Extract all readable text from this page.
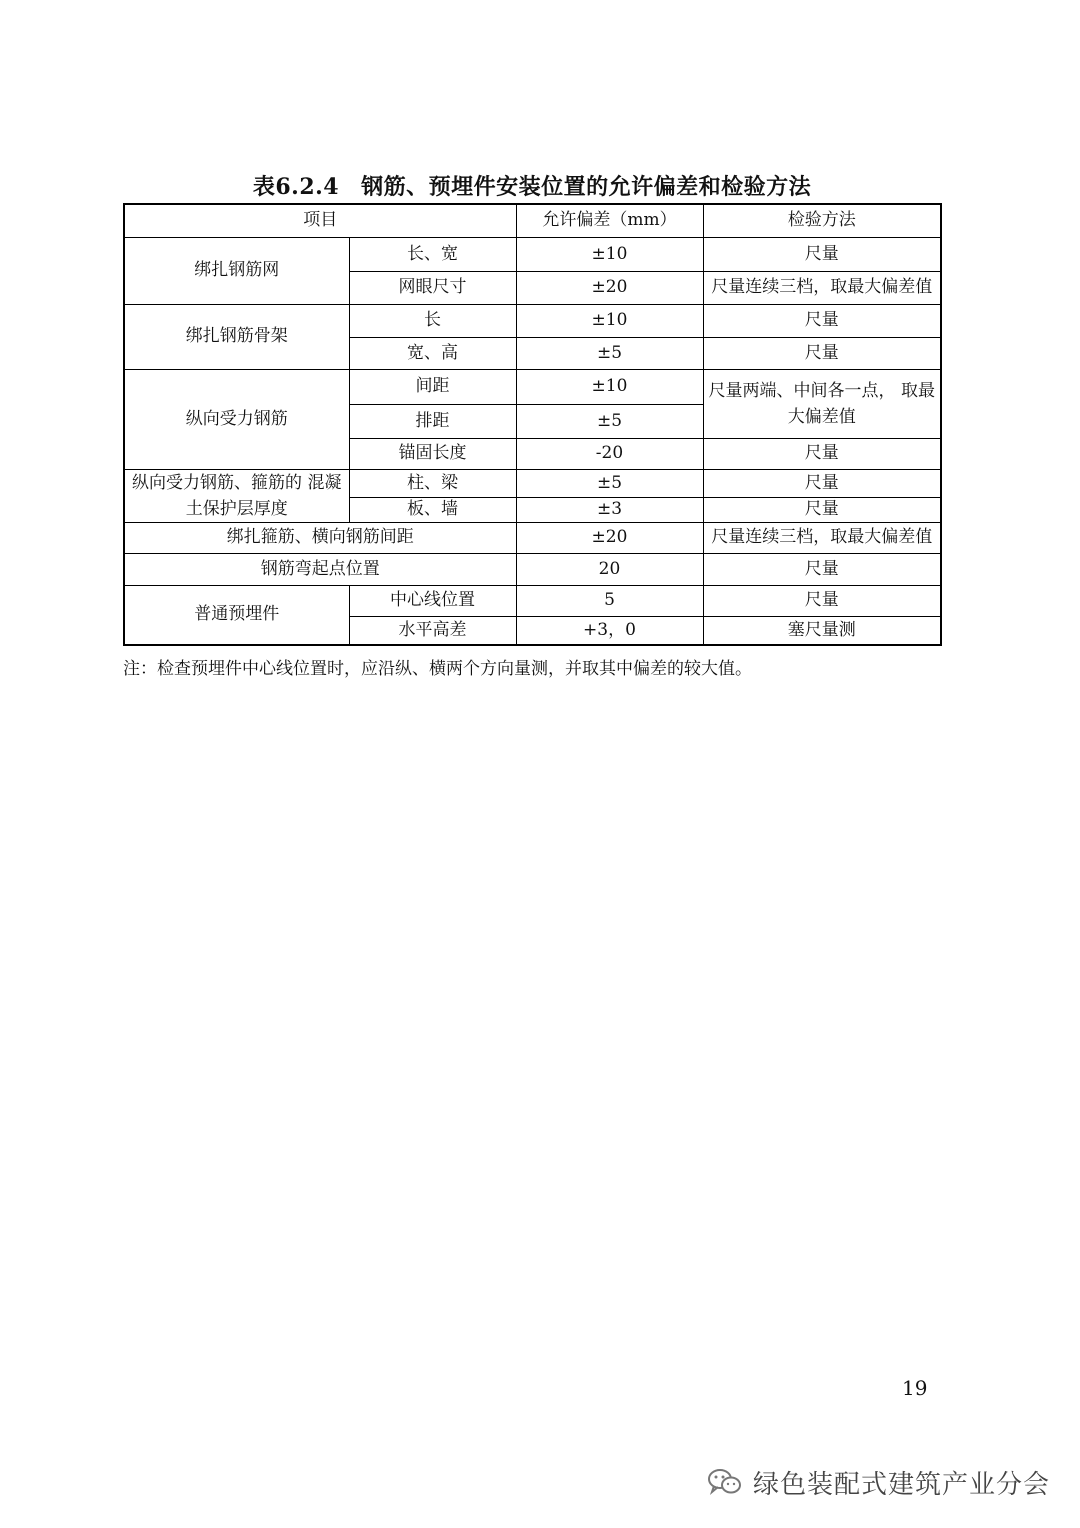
表6.2.4 钢筋、预埋件安装位置的允许偏差和检验方法
项目		允许偏差（mm）	检验方法
绑扎钢筋网	长、宽	±10	尺量
	网眼尺寸	±20	尺量连续三档，取最大偏差值
绑扎钢筋骨架	长	±10	尺量
	宽、高	±5	尺量
纵向受力钢筋	间距	±10	尺量两端、中间各一点， 取最大偏差值
	排距	±5	
	锚固长度	-20	尺量
纵向受力钢筋、箍筋的 混凝土保护层厚度	柱、梁	±5	尺量
	板、墙	±3	尺量
绑扎箍筋、横向钢筋间距		±20	尺量连续三档，取最大偏差值
钢筋弯起点位置		20	尺量
普通预埋件	中心线位置	5	尺量
	水平高差	+3，0	塞尺量测
注：检查预埋件中心线位置时，应沿纵、横两个方向量测，并取其中偏差的较大值。
19
绿色装配式建筑产业分会
